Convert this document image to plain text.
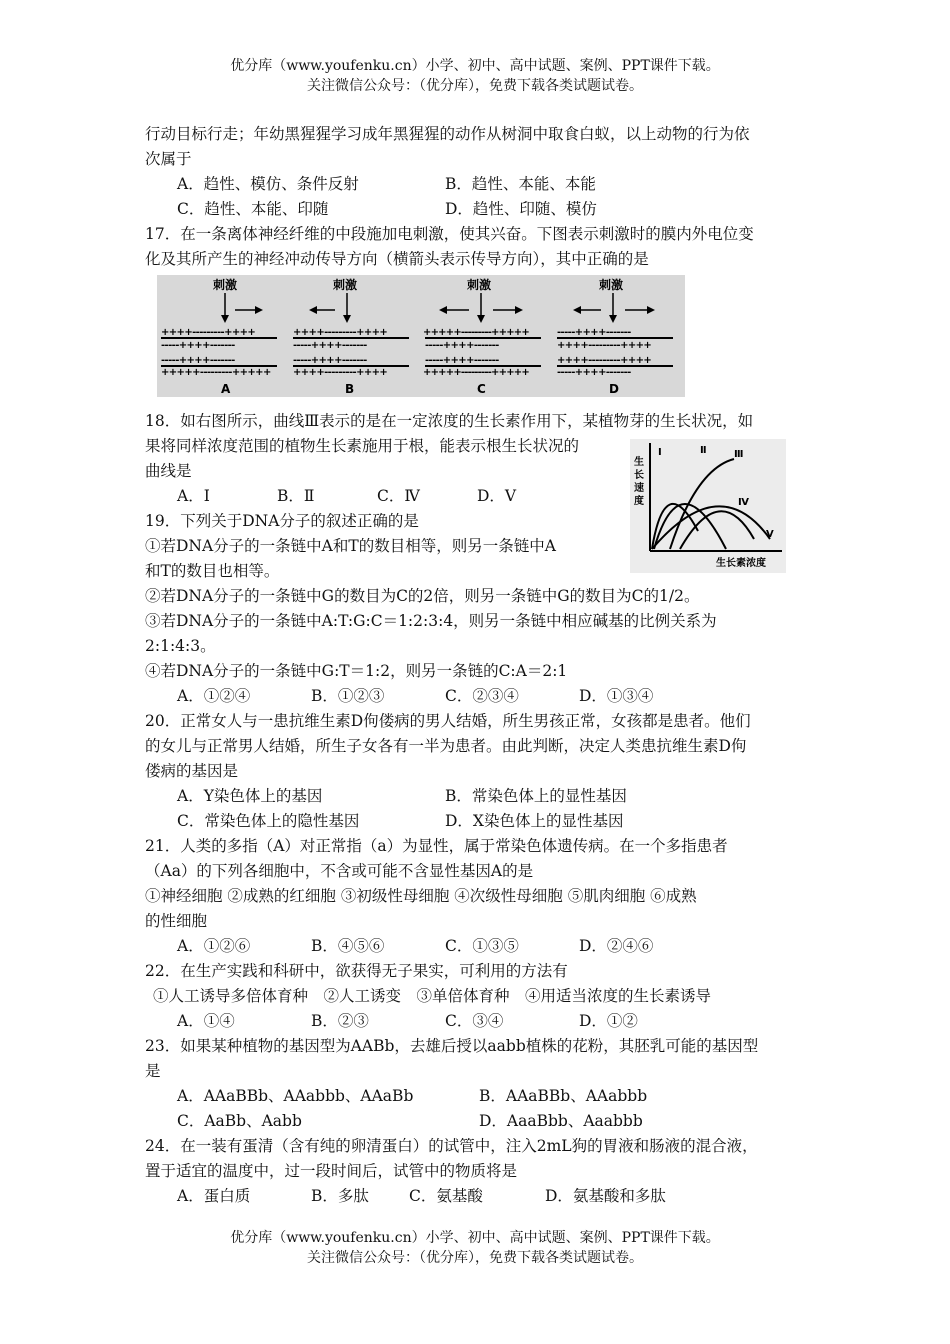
优分库（www.youfenku.cn）小学、初中、高中试题、案例、PPT课件下载。
关注微信公众号：（优分库），免费下载各类试题试卷。
行动目标行走；年幼黑猩猩学习成年黑猩猩的动作从树洞中取食白蚁，以上动物的行为依
次属于
A．趋性、模仿、条件反射	B．趋性、本能、本能
C．趋性、本能、印随	D．趋性、印随、模仿
17．在一条离体神经纤维的中段施加电刺激，使其兴奋。下图表示刺激时的膜内外电位变
化及其所产生的神经冲动传导方向（横箭头表示传导方向），其中正确的是
刺激
++++---------++++
-----++++-------
-----++++-------
+++++---------+++++
A
刺激
++++---------++++
-----++++-------
-----++++-------
++++---------++++
B
刺激
+++++---------+++++
-----++++-------
-----++++-------
+++++---------+++++
C
刺激
-----++++-------
++++---------++++
++++---------++++
-----++++-------
D
生
长
速
度
生长素浓度
Ⅰ	Ⅱ	Ⅲ
Ⅳ
Ⅴ
18．如右图所示，曲线Ⅲ表示的是在一定浓度的生长素作用下，某植物芽的生长状况，如
果将同样浓度范围的植物生长素施用于根，能表示根生长状况的
曲线是
A．Ⅰ	B．Ⅱ	C．Ⅳ	D．Ⅴ
19．下列关于DNA分子的叙述正确的是
①若DNA分子的一条链中A和T的数目相等，则另一条链中A
和T的数目也相等。
②若DNA分子的一条链中G的数目为C的2倍，则另一条链中G的数目为C的1/2。
③若DNA分子的一条链中A:T:G:C＝1:2:3:4，则另一条链中相应碱基的比例关系为
2:1:4:3。
④若DNA分子的一条链中G:T＝1:2，则另一条链的C:A＝2:1
A．①②④	B．①②③	C．②③④	D．①③④
20．正常女人与一患抗维生素D佝偻病的男人结婚，所生男孩正常，女孩都是患者。他们
的女儿与正常男人结婚，所生子女各有一半为患者。由此判断，决定人类患抗维生素D佝
偻病的基因是
A．Y染色体上的基因	B．常染色体上的显性基因
C．常染色体上的隐性基因	D．X染色体上的显性基因
21．人类的多指（A）对正常指（a）为显性，属于常染色体遗传病。在一个多指患者
（Aa）的下列各细胞中，不含或可能不含显性基因A的是
①神经细胞 ②成熟的红细胞 ③初级性母细胞 ④次级性母细胞 ⑤肌肉细胞 ⑥成熟
的性细胞
A．①②⑥	B．④⑤⑥	C．①③⑤	D．②④⑥
22．在生产实践和科研中，欲获得无子果实，可利用的方法有
①人工诱导多倍体育种　②人工诱变　③单倍体育种　④用适当浓度的生长素诱导
A．①④	B．②③	C．③④	D．①②
23．如果某种植物的基因型为AABb，去雄后授以aabb植株的花粉，其胚乳可能的基因型
是
A．AAaBBb、AAabbb、AAaBb	B．AAaBBb、AAabbb
C．AaBb、Aabb	D．AaaBbb、Aaabbb
24．在一装有蛋清（含有纯的卵清蛋白）的试管中，注入2mL狗的胃液和肠液的混合液，
置于适宜的温度中，过一段时间后，试管中的物质将是
A．蛋白质	B．多肽	C．氨基酸	D．氨基酸和多肽
优分库（www.youfenku.cn）小学、初中、高中试题、案例、PPT课件下载。
关注微信公众号：（优分库），免费下载各类试题试卷。
